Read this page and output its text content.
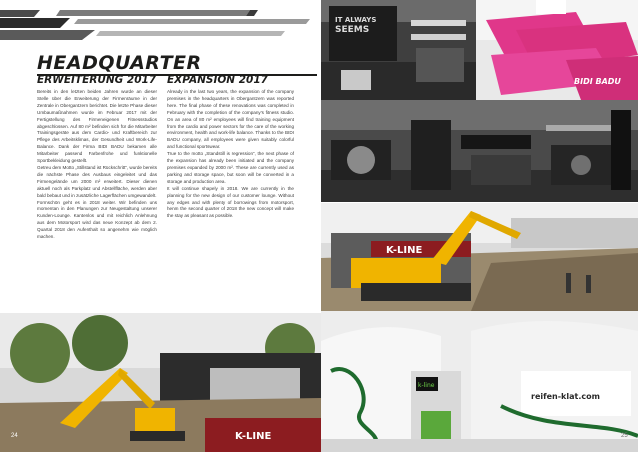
HEADQUARTER
ERWEITERUNG 2017 EXPANSION 2017

Bereits in den letzten beiden Jahren wurde an dieser Stelle über die Erweiterung der Firmenräume in der Zentrale in Obergantzern berichtet. Die letzte Phase dieser Umbaumaßnahmen wurde im Februar 2017 mit der Fertigstellung des Firmeneigenen Fitnessstudios abgeschlossen. Auf 80 m² befinden sich für die Mitarbeiter Trainingsgeräte aus dem Cardio- und Kraftbereich zur Pflege des Arbeitsklimas, der Gesundheit und Work-Life-Balance. Dank der Firma BIDI BADU bekamen alle Mitarbeiter passend Farbenfrohe und funktionelle Sportbekleidung gestellt.
Getreu dem Motto „Stillstand ist Rückschritt“, wurde bereits die nächste Phase des Ausbaus eingeleitet und das Firmengelände um 2000 m² erweitert. Dieser dienen aktuell noch als Parkplatz und Abstellfläche, werden aber bald bebaut und in zusätzliche Lagerflächen umgewandelt.
Formschön geht es in 2018 weiter. Wir befinden uns momentan in den Planungen zur Neugestaltung unserer Kunden-Lounge. Kantenlos und mit reichlich Anlehnung aus dem Motorsport wird das neue Konzept ab dem 2. Quartal 2018 den Aufenthalt so angenehm wie möglich machen.

Already in the last two years, the expansion of the company premises in the headquarters in Obergantzern was reported here. The final phase of these renovations was completed in February with the completion of the company’s fitness studio. On an area of 80 m² employees will find training equipment from the cardio and power sectors for the care of the working environment, health and work-life balance. Thanks to the BIDI BADU company, all employees were given suitably colorful and functional sportswear.
True to the motto „Standstill is regression“, the next phase of the expansion has already been initiated and the company premises expanded by 2000 m². These are currently used as parking and storage space, but soon will be converted in a storage and production area.
It will continue shapely in 2018. We are currently in the planning for the new design of our customer lounge. Without any edges and with plenty of borrowings from motorsport, henm the second quarter of 2018 the new concept will make the stay as pleasant as possible.

IT ALWAYS
SEEMS
BIDI BADU
K-LINE
k-line
reifen-klat.com
K-LINE
24	25
